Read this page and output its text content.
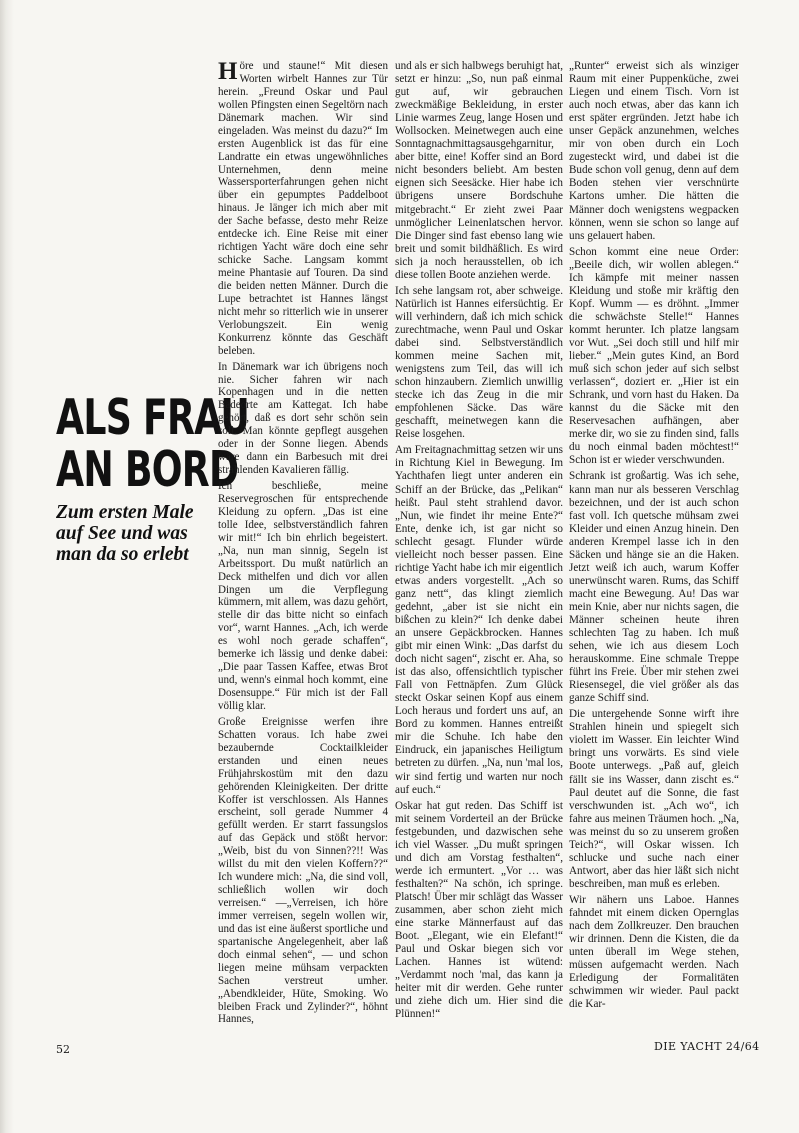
ALS FRAU
AN BORD
Zum ersten Male auf See und was man da so erlebt

Höre und staune!“ Mit diesen Worten wirbelt Hannes zur Tür herein. „Freund Oskar und Paul wollen Pfingsten einen Segeltörn nach Dänemark machen. Wir sind eingeladen. Was meinst du dazu?“ Im ersten Augenblick ist das für eine Landratte ein etwas ungewöhnliches Unternehmen, denn meine Wassersporterfahrungen gehen nicht über ein gepumptes Paddelboot hinaus. Je länger ich mich aber mit der Sache befasse, desto mehr Reize entdecke ich. Eine Reise mit einer richtigen Yacht wäre doch eine sehr schicke Sache. Langsam kommt meine Phantasie auf Touren. Da sind die beiden netten Männer. Durch die Lupe betrachtet ist Hannes längst nicht mehr so ritterlich wie in unserer Verlobungszeit. Ein wenig Konkurrenz könnte das Geschäft beleben.

In Dänemark war ich übrigens noch nie. Sicher fahren wir nach Kopenhagen und in die netten Badeorte am Kattegat. Ich habe gehört, daß es dort sehr schön sein soll. Man könnte gepflegt ausgehen oder in der Sonne liegen. Abends wäre dann ein Barbesuch mit drei strahlenden Kavalieren fällig.

Ich beschließe, meine Reservegroschen für entsprechende Kleidung zu opfern. „Das ist eine tolle Idee, selbstverständlich fahren wir mit!“ Ich bin ehrlich begeistert. „Na, nun man sinnig, Segeln ist Arbeitssport. Du mußt natürlich an Deck mithelfen und dich vor allen Dingen um die Verpflegung kümmern, mit allem, was dazu gehört, stelle dir das bitte nicht so einfach vor“, warnt Hannes. „Ach, ich werde es wohl noch gerade schaffen“, bemerke ich lässig und denke dabei: „Die paar Tassen Kaffee, etwas Brot und, wenn's einmal hoch kommt, eine Dosensuppe.“ Für mich ist der Fall völlig klar.

Große Ereignisse werfen ihre Schatten voraus. Ich habe zwei bezaubernde Cocktailkleider erstanden und einen neues Frühjahrskostüm mit den dazu gehörenden Kleinigkeiten. Der dritte Koffer ist verschlossen. Als Hannes erscheint, soll gerade Nummer 4 gefüllt werden. Er starrt fassungslos auf das Gepäck und stößt hervor: „Weib, bist du von Sinnen??!! Was willst du mit den vielen Koffern??“ Ich wundere mich: „Na, die sind voll, schließlich wollen wir doch verreisen.“ —„Verreisen, ich höre immer verreisen, segeln wollen wir, und das ist eine äußerst sportliche und spartanische Angelegenheit, aber laß doch einmal sehen“, — und schon liegen meine mühsam verpackten Sachen verstreut umher. „Abendkleider, Hüte, Smoking. Wo bleiben Frack und Zylinder?“, höhnt Hannes,

und als er sich halbwegs beruhigt hat, setzt er hinzu: „So, nun paß einmal gut auf, wir gebrauchen zweckmäßige Bekleidung, in erster Linie warmes Zeug, lange Hosen und Wollsocken. Meinetwegen auch eine Sonntagnachmittagsausgehgarnitur, aber bitte, eine! Koffer sind an Bord nicht besonders beliebt. Am besten eignen sich Seesäcke. Hier habe ich übrigens unsere Bordschuhe mitgebracht.“ Er zieht zwei Paar unmöglicher Leinenlatschen hervor. Die Dinger sind fast ebenso lang wie breit und somit bildhäßlich. Es wird sich ja noch herausstellen, ob ich diese tollen Boote anziehen werde.

Ich sehe langsam rot, aber schweige. Natürlich ist Hannes eifersüchtig. Er will verhindern, daß ich mich schick zurechtmache, wenn Paul und Oskar dabei sind. Selbstverständlich kommen meine Sachen mit, wenigstens zum Teil, das will ich schon hinzaubern. Ziemlich unwillig stecke ich das Zeug in die mir empfohlenen Säcke. Das wäre geschafft, meinetwegen kann die Reise losgehen.

Am Freitagnachmittag setzen wir uns in Richtung Kiel in Bewegung. Im Yachthafen liegt unter anderen ein Schiff an der Brücke, das „Pelikan“ heißt. Paul steht strahlend davor. „Nun, wie findet ihr meine Ente?“ Ente, denke ich, ist gar nicht so schlecht gesagt. Flunder würde vielleicht noch besser passen. Eine richtige Yacht habe ich mir eigentlich etwas anders vorgestellt. „Ach so ganz nett“, das klingt ziemlich gedehnt, „aber ist sie nicht ein bißchen zu klein?“ Ich denke dabei an unsere Gepäckbrocken. Hannes gibt mir einen Wink: „Das darfst du doch nicht sagen“, zischt er. Aha, so ist das also, offensichtlich typischer Fall von Fettnäpfen. Zum Glück steckt Oskar seinen Kopf aus einem Loch heraus und fordert uns auf, an Bord zu kommen. Hannes entreißt mir die Schuhe. Ich habe den Eindruck, ein japanisches Heiligtum betreten zu dürfen. „Na, nun 'mal los, wir sind fertig und warten nur noch auf euch.“

Oskar hat gut reden. Das Schiff ist mit seinem Vorderteil an der Brücke festgebunden, und dazwischen sehe ich viel Wasser. „Du mußt springen und dich am Vorstag festhalten“, werde ich ermuntert. „Vor … was festhalten?“ Na schön, ich springe. Platsch! Über mir schlägt das Wasser zusammen, aber schon zieht mich eine starke Männerfaust auf das Boot. „Elegant, wie ein Elefant!“ Paul und Oskar biegen sich vor Lachen. Hannes ist wütend: „Verdammt noch 'mal, das kann ja heiter mit dir werden. Gehe runter und ziehe dich um. Hier sind die Plünnen!“

„Runter“ erweist sich als winziger Raum mit einer Puppenküche, zwei Liegen und einem Tisch. Vorn ist auch noch etwas, aber das kann ich erst später ergründen. Jetzt habe ich unser Gepäck anzunehmen, welches mir von oben durch ein Loch zugesteckt wird, und dabei ist die Bude schon voll genug, denn auf dem Boden stehen vier verschnürte Kartons umher. Die hätten die Männer doch wenigstens wegpacken können, wenn sie schon so lange auf uns gelauert haben.

Schon kommt eine neue Order: „Beeile dich, wir wollen ablegen.“ Ich kämpfe mit meiner nassen Kleidung und stoße mir kräftig den Kopf. Wumm — es dröhnt. „Immer die schwächste Stelle!“ Hannes kommt herunter. Ich platze langsam vor Wut. „Sei doch still und hilf mir lieber.“ „Mein gutes Kind, an Bord muß sich schon jeder auf sich selbst verlassen“, doziert er. „Hier ist ein Schrank, und vorn hast du Haken. Da kannst du die Säcke mit den Reservesachen aufhängen, aber merke dir, wo sie zu finden sind, falls du noch einmal baden möchtest!“ Schon ist er wieder verschwunden.

Schrank ist großartig. Was ich sehe, kann man nur als besseren Verschlag bezeichnen, und der ist auch schon fast voll. Ich quetsche mühsam zwei Kleider und einen Anzug hinein. Den anderen Krempel lasse ich in den Säcken und hänge sie an die Haken. Jetzt weiß ich auch, warum Koffer unerwünscht waren. Rums, das Schiff macht eine Bewegung. Au! Das war mein Knie, aber nur nichts sagen, die Männer scheinen heute ihren schlechten Tag zu haben. Ich muß sehen, wie ich aus diesem Loch herauskomme. Eine schmale Treppe führt ins Freie. Über mir stehen zwei Riesensegel, die viel größer als das ganze Schiff sind.

Die untergehende Sonne wirft ihre Strahlen hinein und spiegelt sich violett im Wasser. Ein leichter Wind bringt uns vorwärts. Es sind viele Boote unterwegs. „Paß auf, gleich fällt sie ins Wasser, dann zischt es.“ Paul deutet auf die Sonne, die fast verschwunden ist. „Ach wo“, ich fahre aus meinen Träumen hoch. „Na, was meinst du so zu unserem großen Teich?“, will Oskar wissen. Ich schlucke und suche nach einer Antwort, aber das hier läßt sich nicht beschreiben, man muß es erleben.

Wir nähern uns Laboe. Hannes fahndet mit einem dicken Opernglas nach dem Zollkreuzer. Den brauchen wir drinnen. Denn die Kisten, die da unten überall im Wege stehen, müssen aufgemacht werden. Nach Erledigung der Formalitäten schwimmen wir wieder. Paul packt die Kar-

52	DIE YACHT 24/64
